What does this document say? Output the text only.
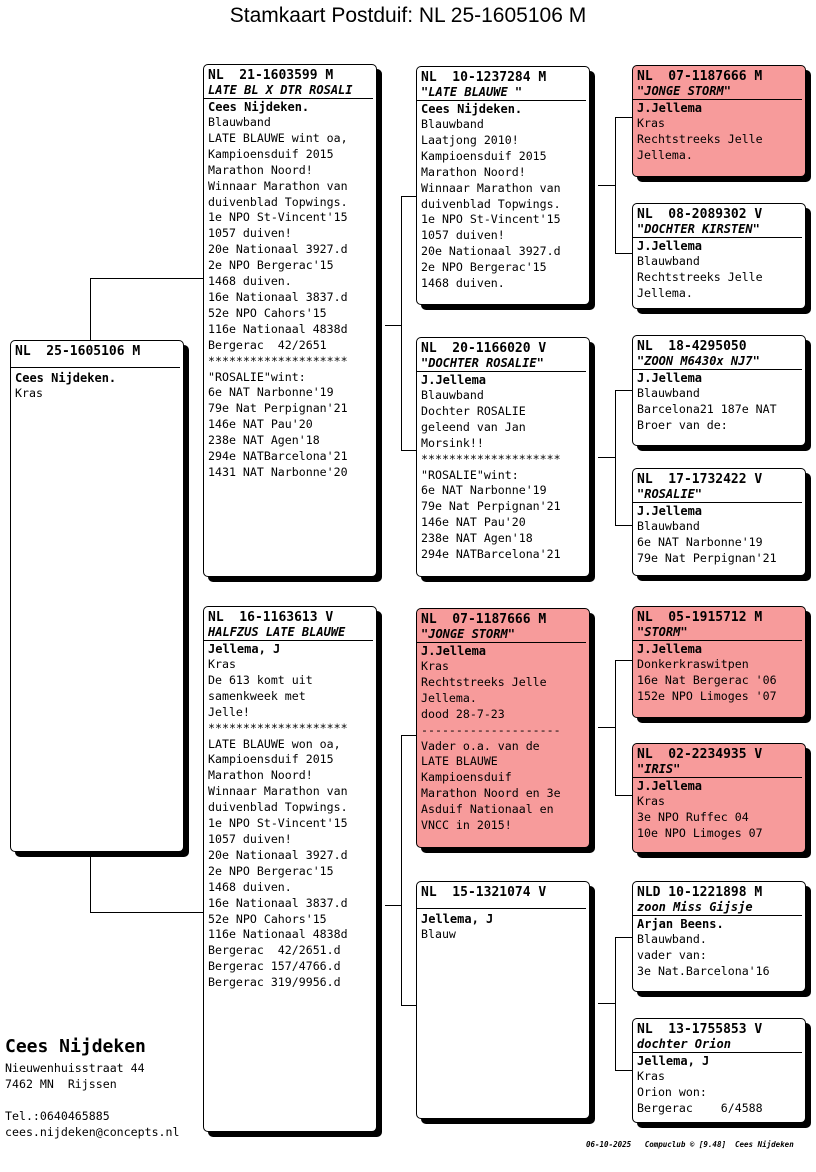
Stamkaart Postduif: NL 25-1605106 M
NL  25-1605106 M
Cees Nijdeken.
Kras
NL  21-1603599 M
LATE BL X DTR ROSALI
Cees Nijdeken.
Blauwband
LATE BLAUWE wint oa,
Kampioensduif 2015
Marathon Noord!
Winnaar Marathon van
duivenblad Topwings.
1e NPO St-Vincent'15
1057 duiven!
20e Nationaal 3927.d
2e NPO Bergerac'15
1468 duiven.
16e Nationaal 3837.d
52e NPO Cahors'15
116e Nationaal 4838d
Bergerac  42/2651
********************
"ROSALIE"wint:
6e NAT Narbonne'19
79e Nat Perpignan'21
146e NAT Pau'20
238e NAT Agen'18
294e NATBarcelona'21
1431 NAT Narbonne'20
NL  16-1163613 V
HALFZUS LATE BLAUWE
Jellema, J
Kras
De 613 komt uit
samenkweek met
Jelle!
********************
LATE BLAUWE won oa,
Kampioensduif 2015
Marathon Noord!
Winnaar Marathon van
duivenblad Topwings.
1e NPO St-Vincent'15
1057 duiven!
20e Nationaal 3927.d
2e NPO Bergerac'15
1468 duiven.
16e Nationaal 3837.d
52e NPO Cahors'15
116e Nationaal 4838d
Bergerac  42/2651.d
Bergerac 157/4766.d
Bergerac 319/9956.d
NL  10-1237284 M
"LATE BLAUWE "
Cees Nijdeken.
Blauwband
Laatjong 2010!
Kampioensduif 2015
Marathon Noord!
Winnaar Marathon van
duivenblad Topwings.
1e NPO St-Vincent'15
1057 duiven!
20e Nationaal 3927.d
2e NPO Bergerac'15
1468 duiven.
NL  20-1166020 V
"DOCHTER ROSALIE"
J.Jellema
Blauwband
Dochter ROSALIE
geleend van Jan
Morsink!!
********************
"ROSALIE"wint:
6e NAT Narbonne'19
79e Nat Perpignan'21
146e NAT Pau'20
238e NAT Agen'18
294e NATBarcelona'21
NL  07-1187666 M
"JONGE STORM"
J.Jellema
Kras
Rechtstreeks Jelle
Jellema.
dood 28-7-23
--------------------
Vader o.a. van de
LATE BLAUWE
Kampioensduif
Marathon Noord en 3e
Asduif Nationaal en
VNCC in 2015!
NL  15-1321074 V
Jellema, J
Blauw
NL  07-1187666 M
"JONGE STORM"
J.Jellema
Kras
Rechtstreeks Jelle
Jellema.
NL  08-2089302 V
"DOCHTER KIRSTEN"
J.Jellema
Blauwband
Rechtstreeks Jelle
Jellema.
NL  18-4295050
"ZOON M6430x NJ7"
J.Jellema
Blauwband
Barcelona21 187e NAT
Broer van de:
NL  17-1732422 V
"ROSALIE"
J.Jellema
Blauwband
6e NAT Narbonne'19
79e Nat Perpignan'21
NL  05-1915712 M
"STORM"
J.Jellema
Donkerkraswitpen
16e Nat Bergerac '06
152e NPO Limoges '07
NL  02-2234935 V
"IRIS"
J.Jellema
Kras
3e NPO Ruffec 04
10e NPO Limoges 07
NLD 10-1221898 M
zoon Miss Gijsje
Arjan Beens.
Blauwband.
vader van:
3e Nat.Barcelona'16
NL  13-1755853 V
dochter Orion
Jellema, J
Kras
Orion won:
Bergerac    6/4588
Cees Nijdeken
Nieuwenhuisstraat 44
7462 MN  Rijssen
Tel.:0640465885
cees.nijdeken@concepts.nl
06-10-2025   Compuclub © [9.48]  Cees Nijdeken
